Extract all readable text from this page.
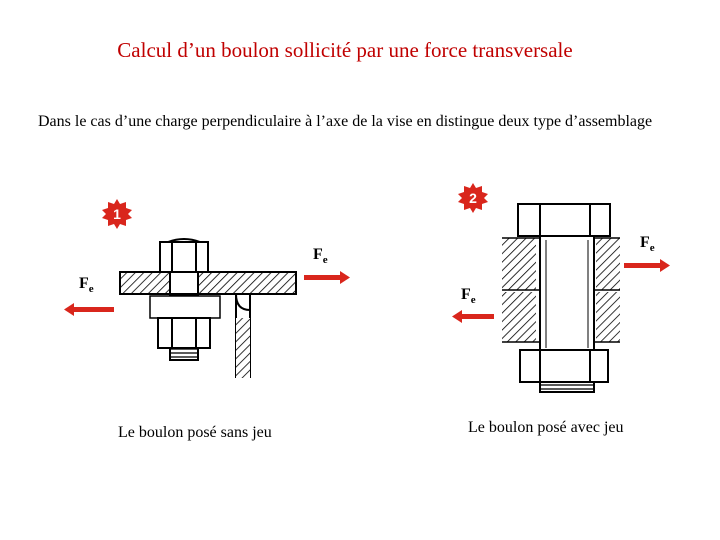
Calcul d’un boulon sollicité par une force transversale
Dans le cas d’une charge perpendiculaire à l’axe de la vise en distingue deux type d’assemblage
1
2
$F_e$
$F_e$
$F_e$
$F_e$
Le boulon posé sans jeu	Le boulon posé avec jeu
